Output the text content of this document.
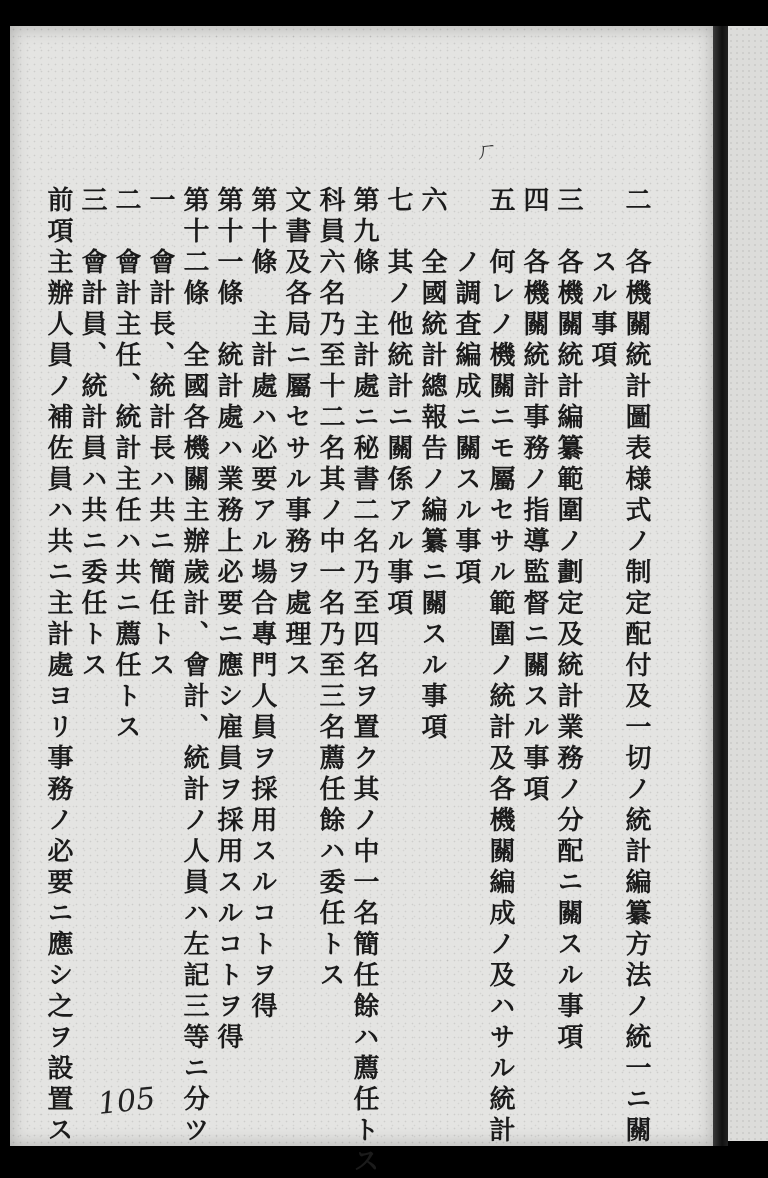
ㄏ
二　各機關統計圖表様式ノ制定配付及一切ノ統計編纂方法ノ統一ニ關
　　スル事項
三　各機關統計編纂範圍ノ劃定及統計業務ノ分配ニ關スル事項
四　各機關統計事務ノ指導監督ニ關スル事項
五　何レノ機關ニモ屬セサル範圍ノ統計及各機關編成ノ及ハサル統計
　　ノ調査編成ニ關スル事項
六　全國統計總報告ノ編纂ニ關スル事項
七　其ノ他統計ニ關係アル事項
第九條　主計處ニ秘書二名乃至四名ヲ置ク其ノ中一名簡任餘ハ薦任トス
科員六名乃至十二名其ノ中一名乃至三名薦任餘ハ委任トス
文書及各局ニ屬セサル事務ヲ處理ス
第十條　主計處ハ必要アル場合專門人員ヲ採用スルコトヲ得
第十一條　統計處ハ業務上必要ニ應シ雇員ヲ採用スルコトヲ得
第十二條　全國各機關主辦歲計、會計、統計ノ人員ハ左記三等ニ分ツ
一　會計長、統計長ハ共ニ簡任トス
二　會計主任、統計主任ハ共ニ薦任トス
三　會計員、統計員ハ共ニ委任トス
前項主辦人員ノ補佐員ハ共ニ主計處ヨリ事務ノ必要ニ應シ之ヲ設置ス 105
